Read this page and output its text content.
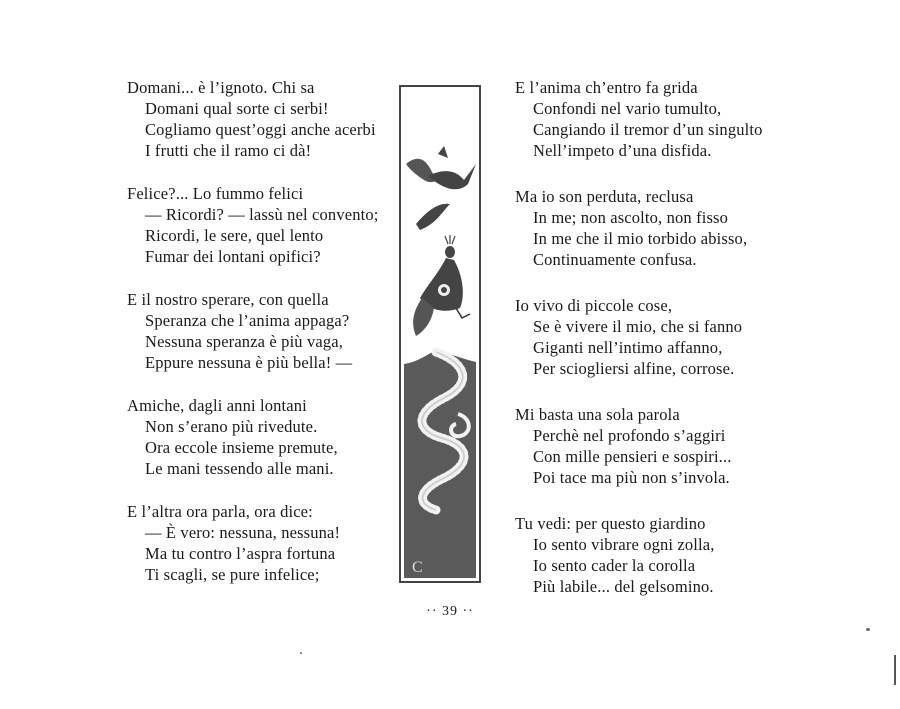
Domani... è l’ignoto. Chi sa
Domani qual sorte ci serbi!
Cogliamo quest’oggi anche acerbi
I frutti che il ramo ci dà!
Felice?... Lo fummo felici
— Ricordi? — lassù nel convento;
Ricordi, le sere, quel lento
Fumar dei lontani opifici?
E il nostro sperare, con quella
Speranza che l’anima appaga?
Nessuna speranza è più vaga,
Eppure nessuna è più bella! —
Amiche, dagli anni lontani
Non s’erano più rivedute.
Ora eccole insieme premute,
Le mani tessendo alle mani.
E l’altra ora parla, ora dice:
— È vero: nessuna, nessuna!
Ma tu contro l’aspra fortuna
Ti scagli, se pure infelice;	C
E l’anima ch’entro fa grida
Confondi nel vario tumulto,
Cangiando il tremor d’un singulto
Nell’impeto d’una disfida.
Ma io son perduta, reclusa
In me; non ascolto, non fisso
In me che il mio torbido abisso,
Continuamente confusa.
Io vivo di piccole cose,
Se è vivere il mio, che si fanno
Giganti nell’intimo affanno,
Per sciogliersi alfine, corrose.
Mi basta una sola parola
Perchè nel profondo s’aggiri
Con mille pensieri e sospiri...
Poi tace ma più non s’invola.
Tu vedi: per questo giardino
Io sento vibrare ogni zolla,
Io sento cader la corolla
Più labile... del gelsomino.
·· 39 ··
